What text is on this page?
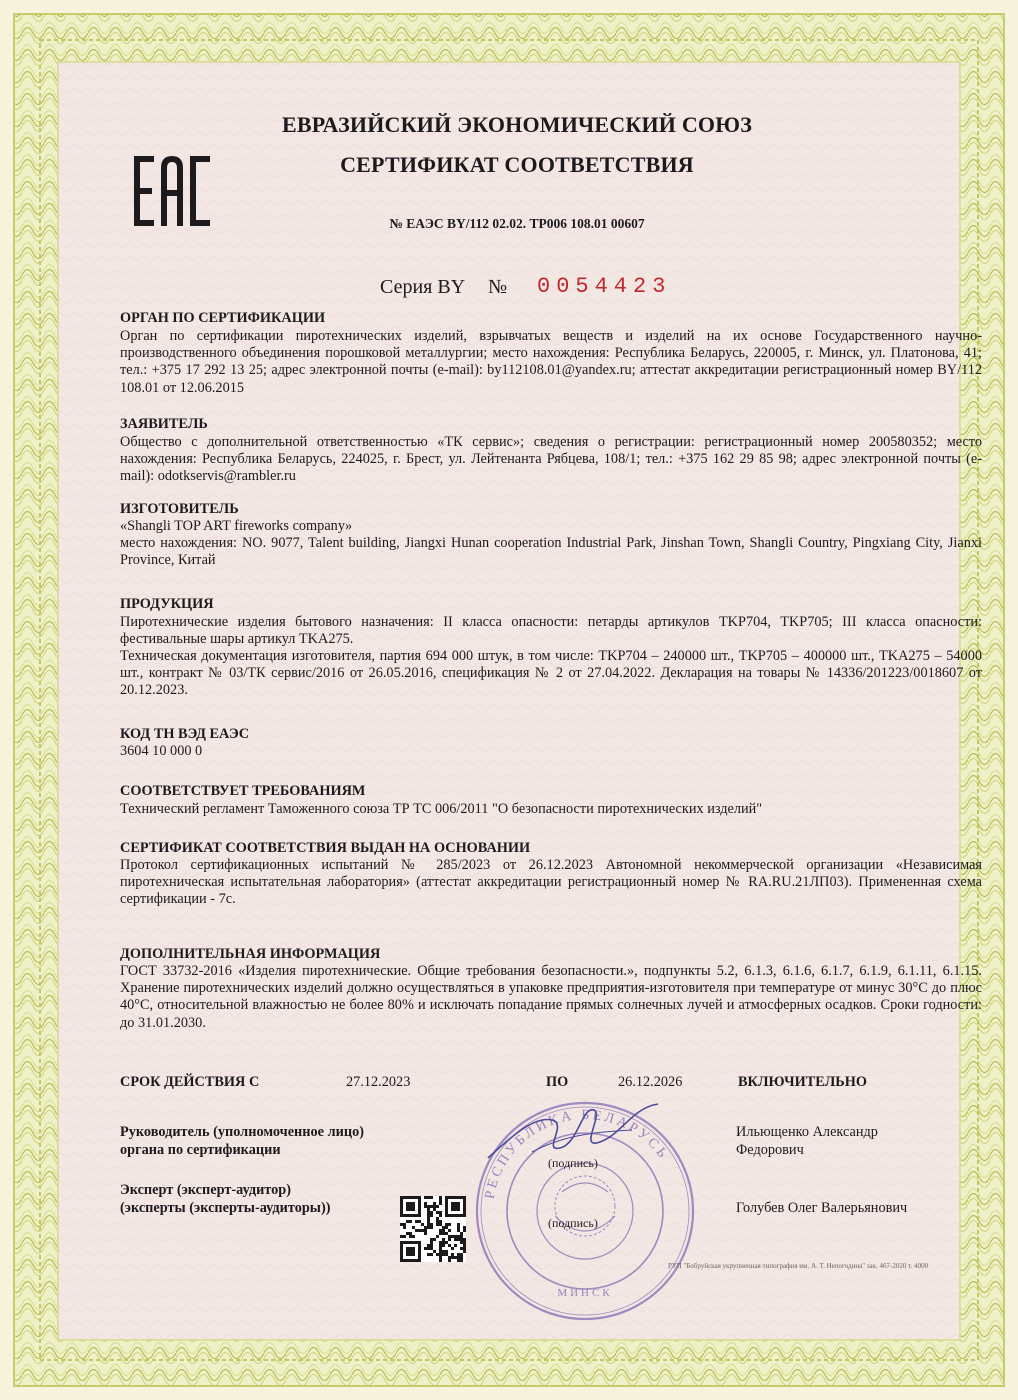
ЕВРАЗИЙСКИЙ ЭКОНОМИЧЕСКИЙ СОЮЗ
СЕРТИФИКАТ СООТВЕТСТВИЯ
№ ЕАЭС BY/112 02.02. ТР006 108.01 00607
Серия BY № 0054423
ОРГАН ПО СЕРТИФИКАЦИИ

Орган по сертификации пиротехнических изделий, взрывчатых веществ и изделий на их основе Государственного научно-производственного объединения порошковой металлургии; место нахождения: Республика Беларусь, 220005, г. Минск, ул. Платонова, 41; тел.: +375 17 292 13 25; адрес электронной почты (e-mail): by112108.01@yandex.ru; аттестат аккредитации регистрационный номер BY/112 108.01 от 12.06.2015

ЗАЯВИТЕЛЬ

Общество с дополнительной ответственностью «ТК сервис»; сведения о регистрации: регистрационный номер 200580352; место нахождения: Республика Беларусь, 224025, г. Брест, ул. Лейтенанта Рябцева, 108/1; тел.: +375 162 29 85 98; адрес электронной почты (e-mail): odotkservis@rambler.ru

ИЗГОТОВИТЕЛЬ

«Shangli TOP ART fireworks company»

место нахождения: NO. 9077, Talent building, Jiangxi Hunan cooperation Industrial Park, Jinshan Town, Shangli Country, Pingxiang City, Jianxi Province, Китай

ПРОДУКЦИЯ

Пиротехнические изделия бытового назначения: II класса опасности: петарды артикулов TKP704, TKP705; III класса опасности: фестивальные шары артикул TKA275.

Техническая документация изготовителя, партия 694 000 штук, в том числе: TKP704 – 240000 шт., TKP705 – 400000 шт., TKA275 – 54000 шт., контракт № 03/ТК сервис/2016 от 26.05.2016, спецификация № 2 от 27.04.2022. Декларация на товары № 14336/201223/0018607 от 20.12.2023.

КОД ТН ВЭД ЕАЭС

3604 10 000 0

СООТВЕТСТВУЕТ ТРЕБОВАНИЯМ

Технический регламент Таможенного союза ТР ТС 006/2011 "О безопасности пиротехнических изделий"

СЕРТИФИКАТ СООТВЕТСТВИЯ ВЫДАН НА ОСНОВАНИИ

Протокол сертификационных испытаний № 285/2023 от 26.12.2023 Автономной некоммерческой организации «Независимая пиротехническая испытательная лаборатория» (аттестат аккредитации регистрационный номер № RA.RU.21ЛП03). Примененная схема сертификации - 7с.

ДОПОЛНИТЕЛЬНАЯ ИНФОРМАЦИЯ

ГОСТ 33732-2016 «Изделия пиротехнические. Общие требования безопасности.», подпункты 5.2, 6.1.3, 6.1.6, 6.1.7, 6.1.9, 6.1.11, 6.1.15. Хранение пиротехнических изделий должно осуществляться в упаковке предприятия-изготовителя при температуре от минус 30°С до плюс 40°С, относительной влажностью не более 80% и исключать попадание прямых солнечных лучей и атмосферных осадков. Сроки годности: до 31.01.2030.

СРОК ДЕЙСТВИЯ С	27.12.2023	ПО	26.12.2026	ВКЛЮЧИТЕЛЬНО
РЕСПУБЛИКА БЕЛАРУСЬ
МИНСК
Руководитель (уполномоченное лицо)
органа по сертификации
(подпись)
Ильющенко Александр
Федорович
Эксперт (эксперт-аудитор)
(эксперты (эксперты-аудиторы))
(подпись)
Голубев Олег Валерьянович
РУП "Бобруйская укрупненная типография им. А. Т. Непогодина" зак. 467-2020 т. 4000
